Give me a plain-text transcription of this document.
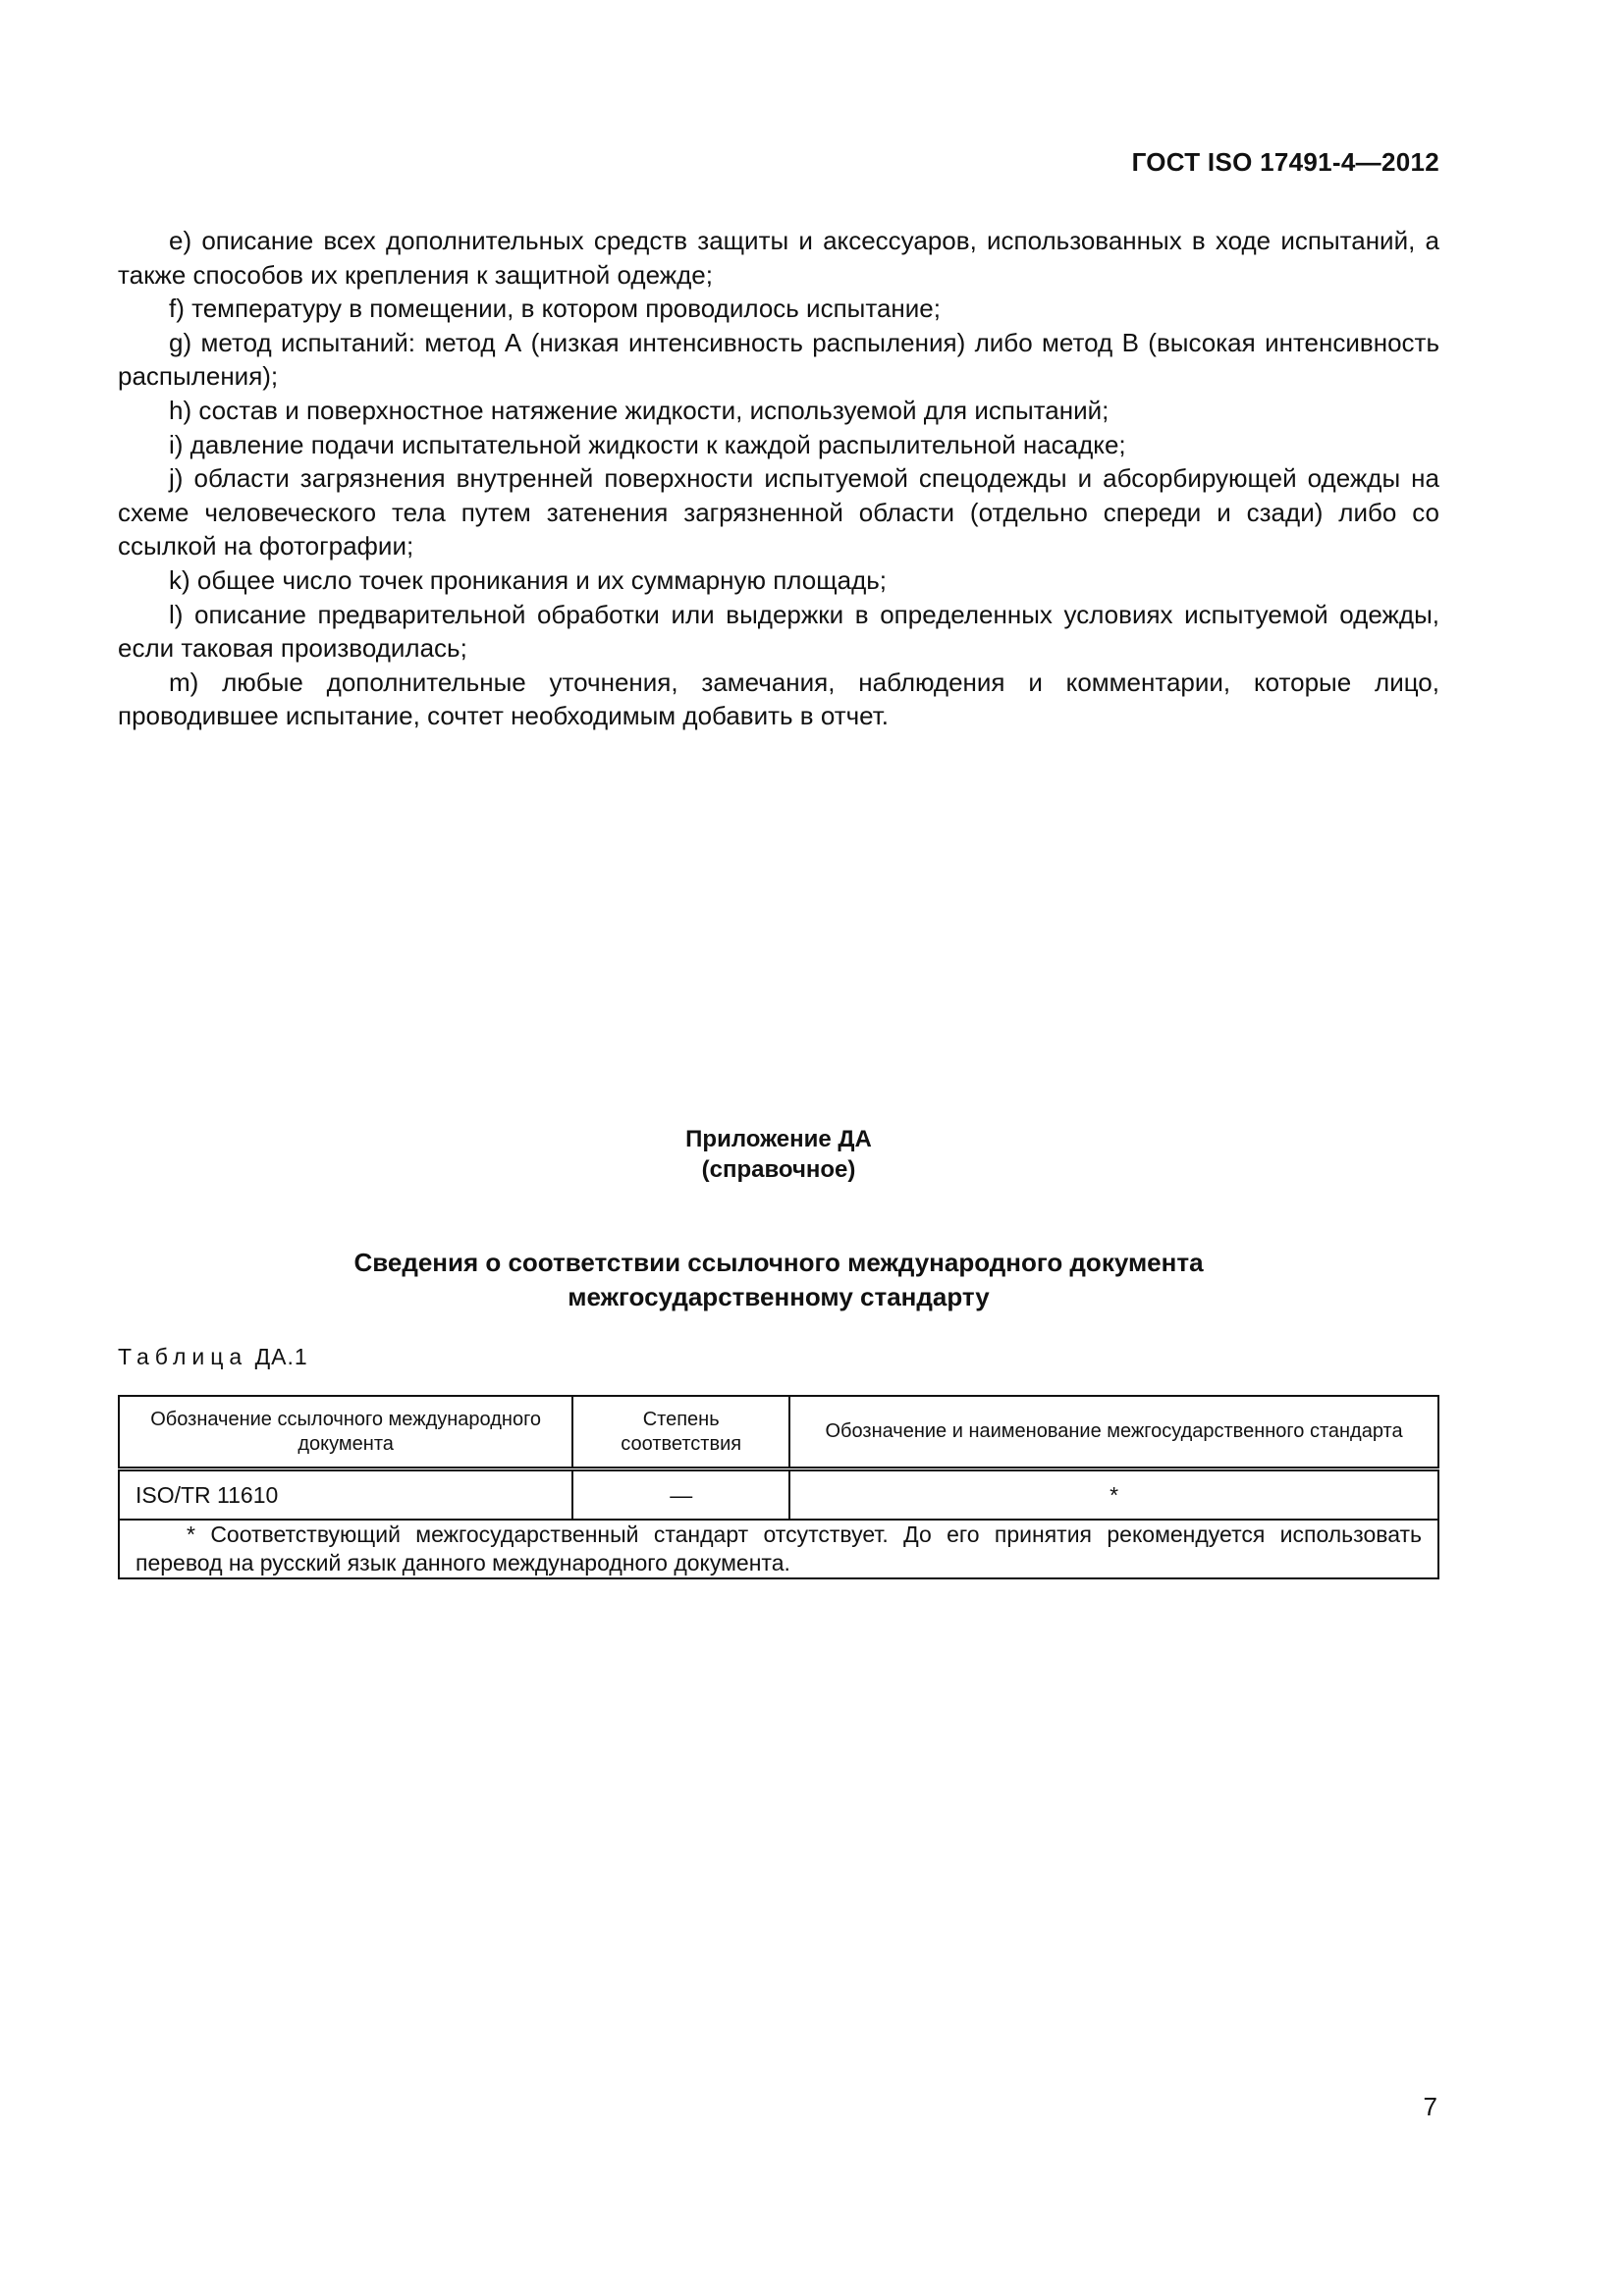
ГОСТ ISO 17491-4—2012

е) описание всех дополнительных средств защиты и аксессуаров, использованных в ходе испытаний, а также способов их крепления к защитной одежде;

f) температуру в помещении, в котором проводилось испытание;

g) метод испытаний: метод А (низкая интенсивность распыления) либо метод В (высокая интенсивность распыления);

h) состав и поверхностное натяжение жидкости, используемой для испытаний;

i) давление подачи испытательной жидкости к каждой распылительной насадке;

j) области загрязнения внутренней поверхности испытуемой спецодежды и абсорбирующей одежды на схеме человеческого тела путем затенения загрязненной области (отдельно спереди и сзади) либо со ссылкой на фотографии;

k) общее число точек проникания и их суммарную площадь;

l) описание предварительной обработки или выдержки в определенных условиях испытуемой одежды, если таковая производилась;

m) любые дополнительные уточнения, замечания, наблюдения и комментарии, которые лицо, проводившее испытание, сочтет необходимым добавить в отчет.

Приложение ДА
(справочное)
Сведения о соответствии ссылочного международного документа
межгосударственному стандарту
Таблица ДА.1
Обозначение ссылочного международного документа	Степень соответствия	Обозначение и наименование межгосударственного стандарта
ISO/TR 11610	—	*

* Соответствующий межгосударственный стандарт отсутствует. До его принятия рекомендуется использовать перевод на русский язык данного международного документа.		
7
